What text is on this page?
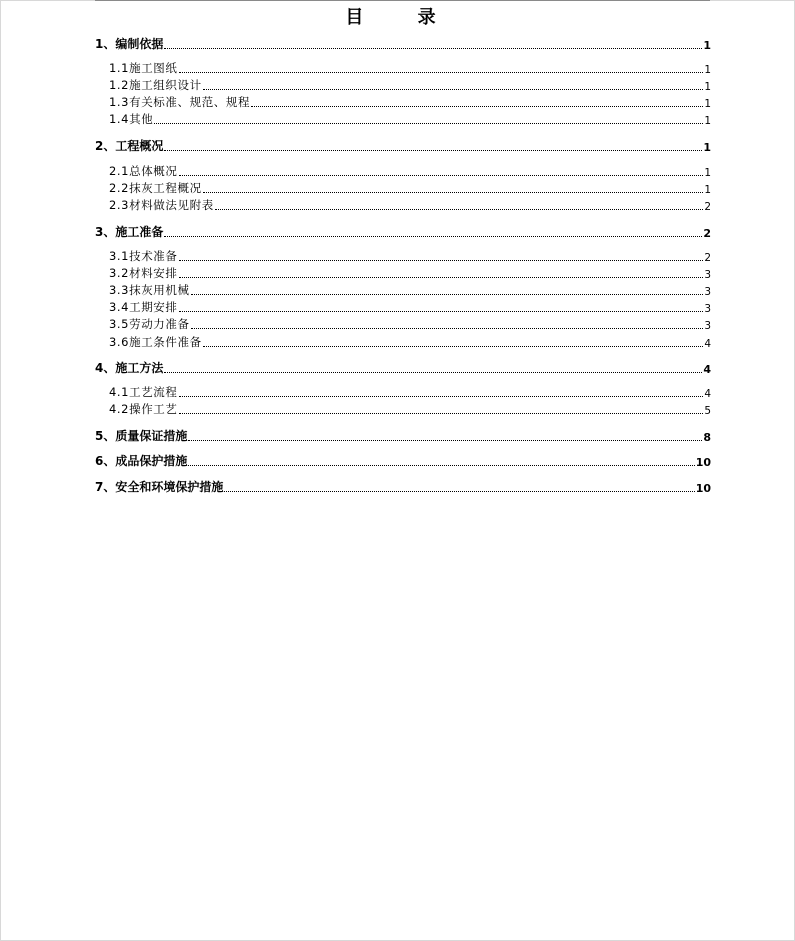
目 录
1、编制依据	1
1.1施工图纸	1
1.2施工组织设计	1
1.3有关标准、规范、规程	1
1.4其他	1
2、工程概况	1
2.1总体概况	1
2.2抹灰工程概况	1
2.3材料做法见附表	2
3、施工准备	2
3.1技术准备	2
3.2材料安排	3
3.3抹灰用机械	3
3.4工期安排	3
3.5劳动力准备	3
3.6施工条件准备	4
4、施工方法	4
4.1工艺流程	4
4.2操作工艺	5
5、质量保证措施	8
6、成品保护措施	10
7、安全和环境保护措施	10
